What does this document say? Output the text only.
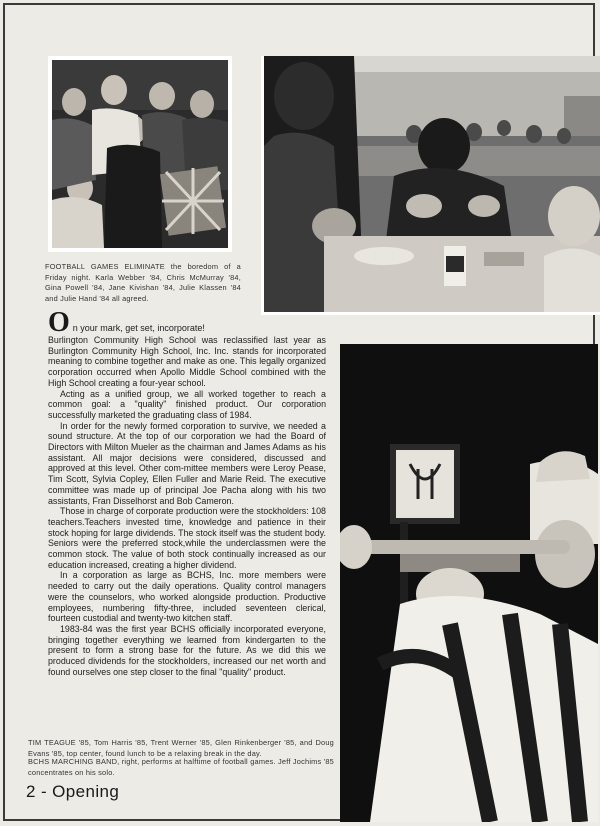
FOOTBALL GAMES ELIMINATE the boredom of a Friday night. Karla Webber '84, Chris McMurray '84, Gina Powell '84, Jane Kivishan '84, Julie Klassen '84 and Julie Hand '84 all agreed.

O n your mark, get set, incorporate!

Burlington Community High School was reclassified last year as Burlington Community High School, Inc. Inc. stands for incorporated meaning to combine together and make as one. This legally organized corporation occurred when Apollo Middle School combined with the High School creating a four-year school.

Acting as a unified group, we all worked together to reach a common goal: a "quality" finished product. Our corporation successfully marketed the graduating class of 1984.

In order for the newly formed corporation to survive, we needed a sound structure. At the top of our corporation we had the Board of Directors with Milton Mueler as the chairman and James Adams as his assistant. All major decisions were considered, discussed and approved at this level. Other com-mittee members were Leroy Pease, Tim Scott, Sylvia Copley, Ellen Fuller and Marie Reid. The executive committee was made up of principal Joe Pacha along with his two assistants, Fran Disselhorst and Bob Cameron.

Those in charge of corporate production were the stockholders: 108 teachers.Teachers invested time, knowledge and patience in their stock hoping for large dividends. The stock itself was the student body. Seniors were the preferred stock,while the underclassmen were the common stock. The value of both stock continually increased as our education increased, creating a higher dividend.

In a corporation as large as BCHS, Inc. more members were needed to carry out the daily operations. Quality control managers were the counselors, who worked alongside production. Productive employees, numbering fifty-three, included seventeen clerical, fourteen custodial and twenty-two kitchen staff.

1983-84 was the first year BCHS officially incorporated everyone, bringing together everything we learned from kindergarten to the present to form a strong base for the future. As we did this we produced dividends for the stockholders, increased our net worth and found ourselves one step closer to the final "quality" product.

TIM TEAGUE '85, Tom Harris '85, Trent Werner '85, Glen Rinkenberger '85, and Doug Evans '85, top center, found lunch to be a relaxing break in the day.

BCHS MARCHING BAND, right, performs at halftime of football games. Jeff Jochims '85 concentrates on his solo.

2 - Opening
